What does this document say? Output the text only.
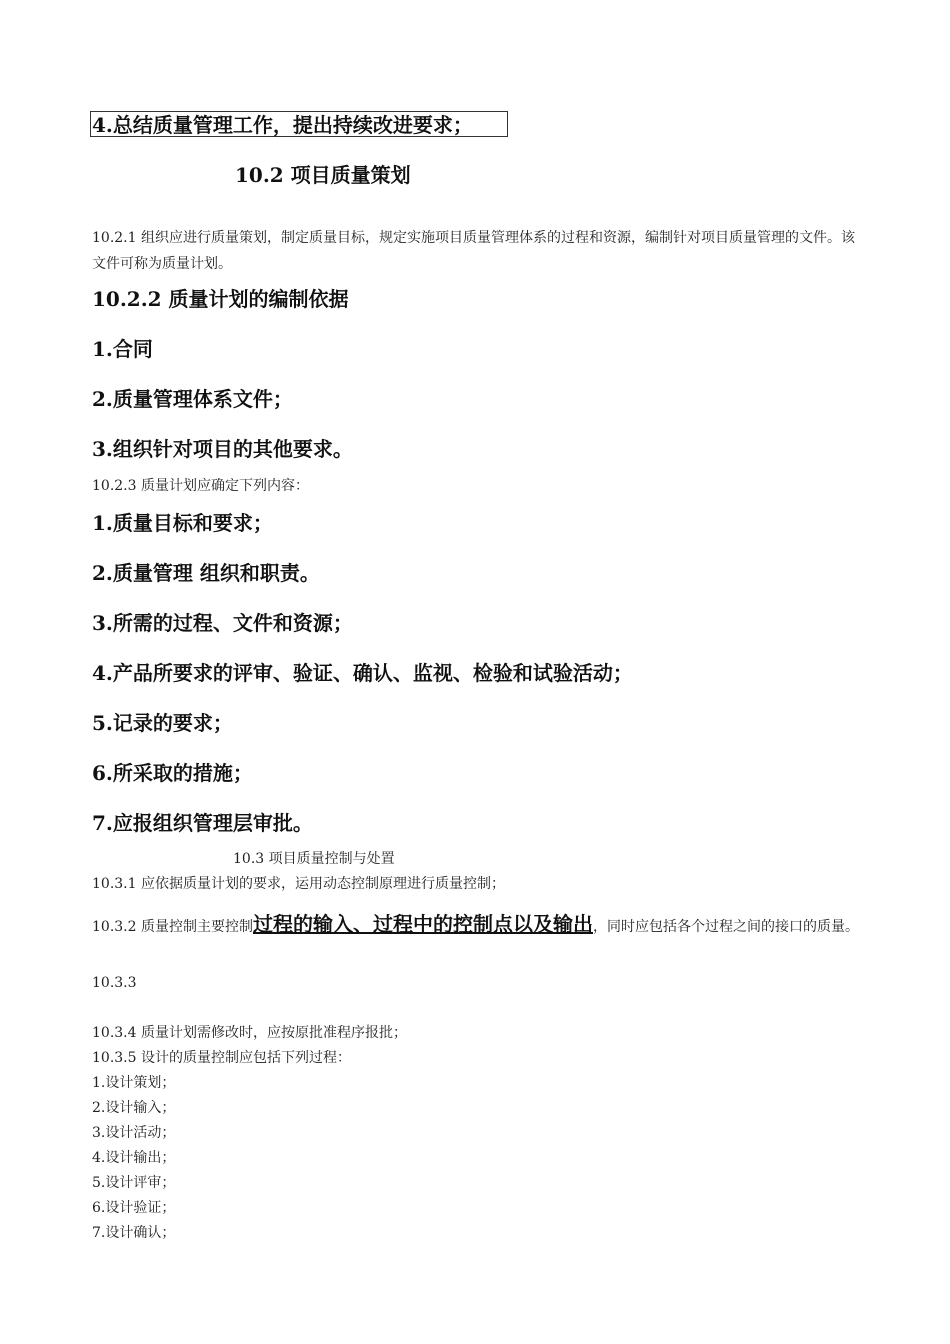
4.总结质量管理工作，提出持续改进要求；
10.2 项目质量策划
10.2.1 组织应进行质量策划，制定质量目标，规定实施项目质量管理体系的过程和资源，编制针对项目质量管理的文件。该文件可称为质量计划。
10.2.2 质量计划的编制依据
1.合同
2.质量管理体系文件；
3.组织针对项目的其他要求。
10.2.3 质量计划应确定下列内容：
1.质量目标和要求；
2.质量管理 组织和职责。
3.所需的过程、文件和资源；
4.产品所要求的评审、验证、确认、监视、检验和试验活动；
5.记录的要求；
6.所采取的措施；
7.应报组织管理层审批。
10.3 项目质量控制与处置
10.3.1 应依据质量计划的要求，运用动态控制原理进行质量控制；
10.3.2 质量控制主要控制过程的输入、过程中的控制点以及输出，同时应包括各个过程之间的接口的质量。
10.3.3
10.3.4 质量计划需修改时，应按原批准程序报批；
10.3.5 设计的质量控制应包括下列过程：
1.设计策划；
2.设计输入；
3.设计活动；
4.设计输出；
5.设计评审；
6.设计验证；
7.设计确认；
